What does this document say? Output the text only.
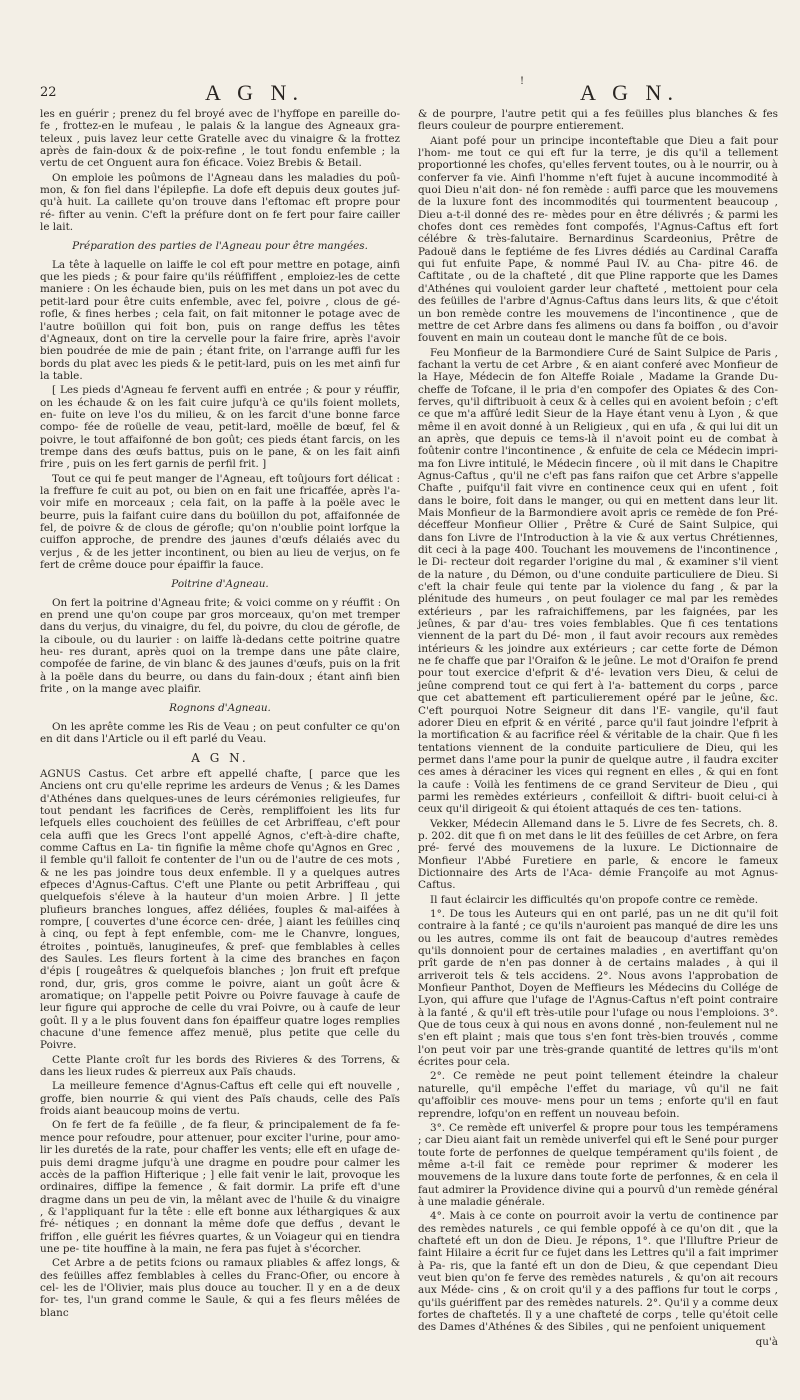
22	A G N.	!	A G N.

les en guérir ; prenez du fel broyé avec de l'hyffope en pareille do- fe , frottez-en le mufeau , le palais & la langue des Agneaux gra- teleux , puis lavez leur cette Gratelle avec du vinaigre & la frottez après de fain-doux & de poix-refine , le tout fondu enfemble ; la vertu de cet Onguent aura fon éficace. Voiez Brebis & Betail.

On emploie les poûmons de l'Agneau dans les maladies du poû- mon, & fon fiel dans l'épilepfie. La dofe eft depuis deux goutes juf- qu'à huit. La caillete qu'on trouve dans l'eftomac eft propre pour ré- fifter au venin. C'eft la préfure dont on fe fert pour faire cailler le lait.

Préparation des parties de l'Agneau pour être mangées.

La tête à laquelle on laiffe le col eft pour mettre en potage, ainfi que les pieds ; & pour faire qu'ils réüffiffent , emploiez-les de cette maniere : On les échaude bien, puis on les met dans un pot avec du petit-lard pour être cuits enfemble, avec fel, poivre , clous de gé- rofle, & fines herbes ; cela fait, on fait mitonner le potage avec de l'autre boüillon qui foit bon, puis on range deffus les têtes d'Agneaux, dont on tire la cervelle pour la faire frire, après l'avoir bien poudrée de mie de pain ; étant frite, on l'arrange auffi fur les bords du plat avec les pieds & le petit-lard, puis on les met ainfi fur la table.

[ Les pieds d'Agneau fe fervent auffi en entrée ; & pour y réuffir, on les échaude & on les fait cuire jufqu'à ce qu'ils foient mollets, en- fuite on leve l'os du milieu, & on les farcit d'une bonne farce compo- fée de roüelle de veau, petit-lard, moëlle de bœuf, fel & poivre, le tout affaifonné de bon goût; ces pieds étant farcis, on les trempe dans des œufs battus, puis on le pane, & on les fait ainfi frire , puis on les fert garnis de perfil frit. ]

Tout ce qui fe peut manger de l'Agneau, eft toûjours fort délicat : la freffure fe cuit au pot, ou bien on en fait une fricaffée, après l'a- voir mife en morceaux ; cela fait, on la paffe à la poële avec le beurre, puis la faifant cuire dans du boüillon du pot, affaifonnée de fel, de poivre & de clous de gérofle; qu'on n'oublie point lorfque la cuiffon approche, de prendre des jaunes d'œufs délaiés avec du verjus , & de les jetter incontinent, ou bien au lieu de verjus, on fe fert de crême douce pour épaiffir la fauce.

Poitrine d'Agneau.

On fert la poitrine d'Agneau frite; & voici comme on y réuffit : On en prend une qu'on coupe par gros morceaux, qu'on met tremper dans du verjus, du vinaigre, du fel, du poivre, du clou de gérofle, de la ciboule, ou du laurier : on laiffe là-dedans cette poitrine quatre heu- res durant, après quoi on la trempe dans une pâte claire, compofée de farine, de vin blanc & des jaunes d'œufs, puis on la frit à la poële dans du beurre, ou dans du fain-doux ; étant ainfi bien frite , on la mange avec plaifir.

Rognons d'Agneau.

On les aprête comme les Ris de Veau ; on peut confulter ce qu'on en dit dans l'Article ou il eft parlé du Veau.

A G N.

AGNUS Castus. Cet arbre eft appellé chafte, [ parce que les Anciens ont cru qu'elle reprime les ardeurs de Venus ; & les Dames d'Athénes dans quelques-unes de leurs cérémonies religieufes, fur tout pendant les facrifices de Cerès, rempliffoient les lits fur lefquels elles couchoient des feüilles de cet Arbriffeau, c'eft pour cela auffi que les Grecs l'ont appellé Agnos, c'eft-à-dire chafte, comme Caftus en La- tin fignifie la même chofe qu'Agnos en Grec , il femble qu'il falloit fe contenter de l'un ou de l'autre de ces mots , & ne les pas joindre tous deux enfemble. Il y a quelques autres efpeces d'Agnus-Caftus. C'eft une Plante ou petit Arbriffeau , qui quelquefois s'éleve à la hauteur d'un moien Arbre. ] Il jette plufieurs branches longues, affez déliées, fouples & mal-aifées à rompre, [ couvertes d'une écorce cen- drée, ] aiant les feüilles cinq à cinq, ou fept à fept enfemble, com- me le Chanvre, longues, étroites , pointuës, lanugineufes, & pref- que femblables à celles des Saules. Les fleurs fortent à la cime des branches en façon d'épis [ rougeâtres & quelquefois blanches ; ]on fruit eft prefque rond, dur, gris, gros comme le poivre, aiant un goût âcre & aromatique; on l'appelle petit Poivre ou Poivre fauvage à caufe de leur figure qui approche de celle du vrai Poivre, ou à caufe de leur goût. Il y a le plus fouvent dans fon épaiffeur quatre loges remplies chacune d'une femence affez menuë, plus petite que celle du Poivre.

Cette Plante croît fur les bords des Rivieres & des Torrens, & dans les lieux rudes & pierreux aux Païs chauds.

La meilleure femence d'Agnus-Caftus eft celle qui eft nouvelle , groffe, bien nourrie & qui vient des Païs chauds, celle des Païs froids aiant beaucoup moins de vertu.

On fe fert de fa feüille , de fa fleur, & principalement de fa fe- mence pour refoudre, pour attenuer, pour exciter l'urine, pour amo- lir les duretés de la rate, pour chaffer les vents; elle eft en ufage de- puis demi dragme jufqu'à une dragme en poudre pour calmer les accès de la paffion Hifterique ; ] elle fait venir le lait, provoque les ordinaires, diffipe la femence , & fait dormir. La prife eft d'une dragme dans un peu de vin, la mêlant avec de l'huile & du vinaigre , & l'appliquant fur la tête : elle eft bonne aux léthargiques & aux fré- nétiques ; en donnant la même dofe que deffus , devant le friffon , elle guérit les fiévres quartes, & un Voiageur qui en tiendra une pe- tite houffine à la main, ne fera pas fujet à s'écorcher.

Cet Arbre a de petits fcions ou ramaux pliables & affez longs, & des feüilles affez femblables à celles du Franc-Ofier, ou encore à cel- les de l'Olivier, mais plus douce au toucher. Il y en a de deux for- tes, l'un grand comme le Saule, & qui a fes fleurs mêlées de blanc

& de pourpre, l'autre petit qui a fes feüilles plus blanches & fes fleurs couleur de pourpre entierement.

Aiant pofé pour un principe inconteftable que Dieu a fait pour l'hom- me tout ce qui eft fur la terre, je dis qu'il a tellement proportionné les chofes, qu'elles fervent toutes, ou à le nourrir, ou à conferver fa vie. Ainfi l'homme n'eft fujet à aucune incommodité à quoi Dieu n'ait don- né fon remède : auffi parce que les mouvemens de la luxure font des incommodités qui tourmentent beaucoup , Dieu a-t-il donné des re- mèdes pour en être délivrés ; & parmi les chofes dont ces remèdes font compofés, l'Agnus-Caftus eft fort célébre & très-falutaire. Bernardinus Scardeonius, Prêtre de Padouë dans le feptiéme de fes Livres dédiés au Cardinal Caraffa qui fut enfuite Pape, & nommé Paul IV. au Cha- pitre 46. de Caftitate , ou de la chafteté , dit que Pline rapporte que les Dames d'Athénes qui vouloient garder leur chafteté , mettoient pour cela des feüilles de l'arbre d'Agnus-Caftus dans leurs lits, & que c'étoit un bon remède contre les mouvemens de l'incontinence , que de mettre de cet Arbre dans fes alimens ou dans fa boiffon , ou d'avoir fouvent en main un couteau dont le manche fût de ce bois.

Feu Monfieur de la Barmondiere Curé de Saint Sulpice de Paris , fachant la vertu de cet Arbre , & en aiant conferé avec Monfieur de la Haye, Médecin de fon Alteffe Roiale , Madame la Grande Du- cheffe de Tofcane, il le pria d'en compofer des Opiates & des Con- ferves, qu'il diftribuoit à ceux & à celles qui en avoient befoin ; c'eft ce que m'a affûré ledit Sieur de la Haye étant venu à Lyon , & que même il en avoit donné à un Religieux , qui en ufa , & qui lui dit un an après, que depuis ce tems-là il n'avoit point eu de combat à foûtenir contre l'incontinence , & enfuite de cela ce Médecin impri- ma fon Livre intitulé, le Médecin fincere , où il mit dans le Chapitre Agnus-Caftus , qu'il ne c'eft pas fans raifon que cet Arbre s'appelle Chafte , puifqu'il fait vivre en continence ceux qui en ufent , foit dans le boire, foit dans le manger, ou qui en mettent dans leur lit. Mais Monfieur de la Barmondiere avoit apris ce remède de fon Pré- déceffeur Monfieur Ollier , Prêtre & Curé de Saint Sulpice, qui dans fon Livre de l'Introduction à la vie & aux vertus Chrétiennes, dit ceci à la page 400. Touchant les mouvemens de l'incontinence , le Di- recteur doit regarder l'origine du mal , & examiner s'il vient de la nature , du Démon, ou d'une conduite particuliere de Dieu. Si c'eft la chair feule qui tente par la violence du fang , & par la plénitude des humeurs , on peut foulager ce mal par les remèdes extérieurs , par les rafraichiffemens, par les faignées, par les jeûnes, & par d'au- tres voies femblables. Que fi ces tentations viennent de la part du Dé- mon , il faut avoir recours aux remèdes intérieurs & les joindre aux extérieurs ; car cette forte de Démon ne fe chaffe que par l'Oraifon & le jeûne. Le mot d'Oraifon fe prend pour tout exercice d'efprit & d'é- levation vers Dieu, & celui de jeûne comprend tout ce qui fert à l'a- battement du corps , parce que cet abattement eft particulierement opéré par le jeûne, &c. C'eft pourquoi Notre Seigneur dit dans l'E- vangile, qu'il faut adorer Dieu en efprit & en vérité , parce qu'il faut joindre l'efprit à la mortification & au facrifice réel & véritable de la chair. Que fi les tentations viennent de la conduite particuliere de Dieu, qui les permet dans l'ame pour la punir de quelque autre , il faudra exciter ces ames à déraciner les vices qui regnent en elles , & qui en font la caufe : Voilà les fentimens de ce grand Serviteur de Dieu , qui parmi les remèdes extérieurs , confeilloit & diftri- buoit celui-ci à ceux qu'il dirigeoit & qui étoient attaqués de ces ten- tations.

Vekker, Médecin Allemand dans le 5. Livre de fes Secrets, ch. 8. p. 202. dit que fi on met dans le lit des feüilles de cet Arbre, on fera pré- fervé des mouvemens de la luxure. Le Dictionnaire de Monfieur l'Abbé Furetiere en parle, & encore le fameux Dictionnaire des Arts de l'Aca- démie Françoife au mot Agnus-Caftus.

Il faut éclaircir les difficultés qu'on propofe contre ce remède.

1°. De tous les Auteurs qui en ont parlé, pas un ne dit qu'il foit contraire à la fanté ; ce qu'ils n'auroient pas manqué de dire les uns ou les autres, comme ils ont fait de beaucoup d'autres remèdes qu'ils donnoient pour de certaines maladies , en avertiffant qu'on prît garde de n'en pas donner à de certains malades , à qui il arriveroit tels & tels accidens. 2°. Nous avons l'approbation de Monfieur Panthot, Doyen de Meffieurs les Médecins du Collége de Lyon, qui affure que l'ufage de l'Agnus-Caftus n'eft point contraire à la fanté , & qu'il eft très-utile pour l'ufage ou nous l'emploions. 3°. Que de tous ceux à qui nous en avons donné , non-feulement nul ne s'en eft plaint ; mais que tous s'en font très-bien trouvés , comme l'on peut voir par une très-grande quantité de lettres qu'ils m'ont écrites pour cela.

2°. Ce remède ne peut point tellement éteindre la chaleur naturelle, qu'il empêche l'effet du mariage, vû qu'il ne fait qu'affoiblir ces mouve- mens pour un tems ; enforte qu'il en faut reprendre, lofqu'on en reffent un nouveau befoin.

3°. Ce remède eft univerfel & propre pour tous les tempéramens ; car Dieu aiant fait un remède univerfel qui eft le Sené pour purger toute forte de perfonnes de quelque tempérament qu'ils foient , de même a-t-il fait ce remède pour reprimer & moderer les mouvemens de la luxure dans toute forte de perfonnes, & en cela il faut admirer la Providence divine qui a pourvû d'un remède général à une maladie générale.

4°. Mais à ce conte on pourroit avoir la vertu de continence par des remèdes naturels , ce qui femble oppofé à ce qu'on dit , que la chafteté eft un don de Dieu. Je répons, 1°. que l'Illuftre Prieur de faint Hilaire a écrit fur ce fujet dans les Lettres qu'il a fait imprimer à Pa- ris, que la fanté eft un don de Dieu, & que cependant Dieu veut bien qu'on fe ferve des remèdes naturels , & qu'on ait recours aux Méde- cins , & on croit qu'il y a des paffions fur tout le corps , qu'ils guériffent par des remèdes naturels. 2°. Qu'il y a comme deux fortes de chaftetés. Il y a une chafteté de corps , telle qu'étoit celle des Dames d'Athénes & des Sibiles , qui ne penfoient uniquement

qu'à
